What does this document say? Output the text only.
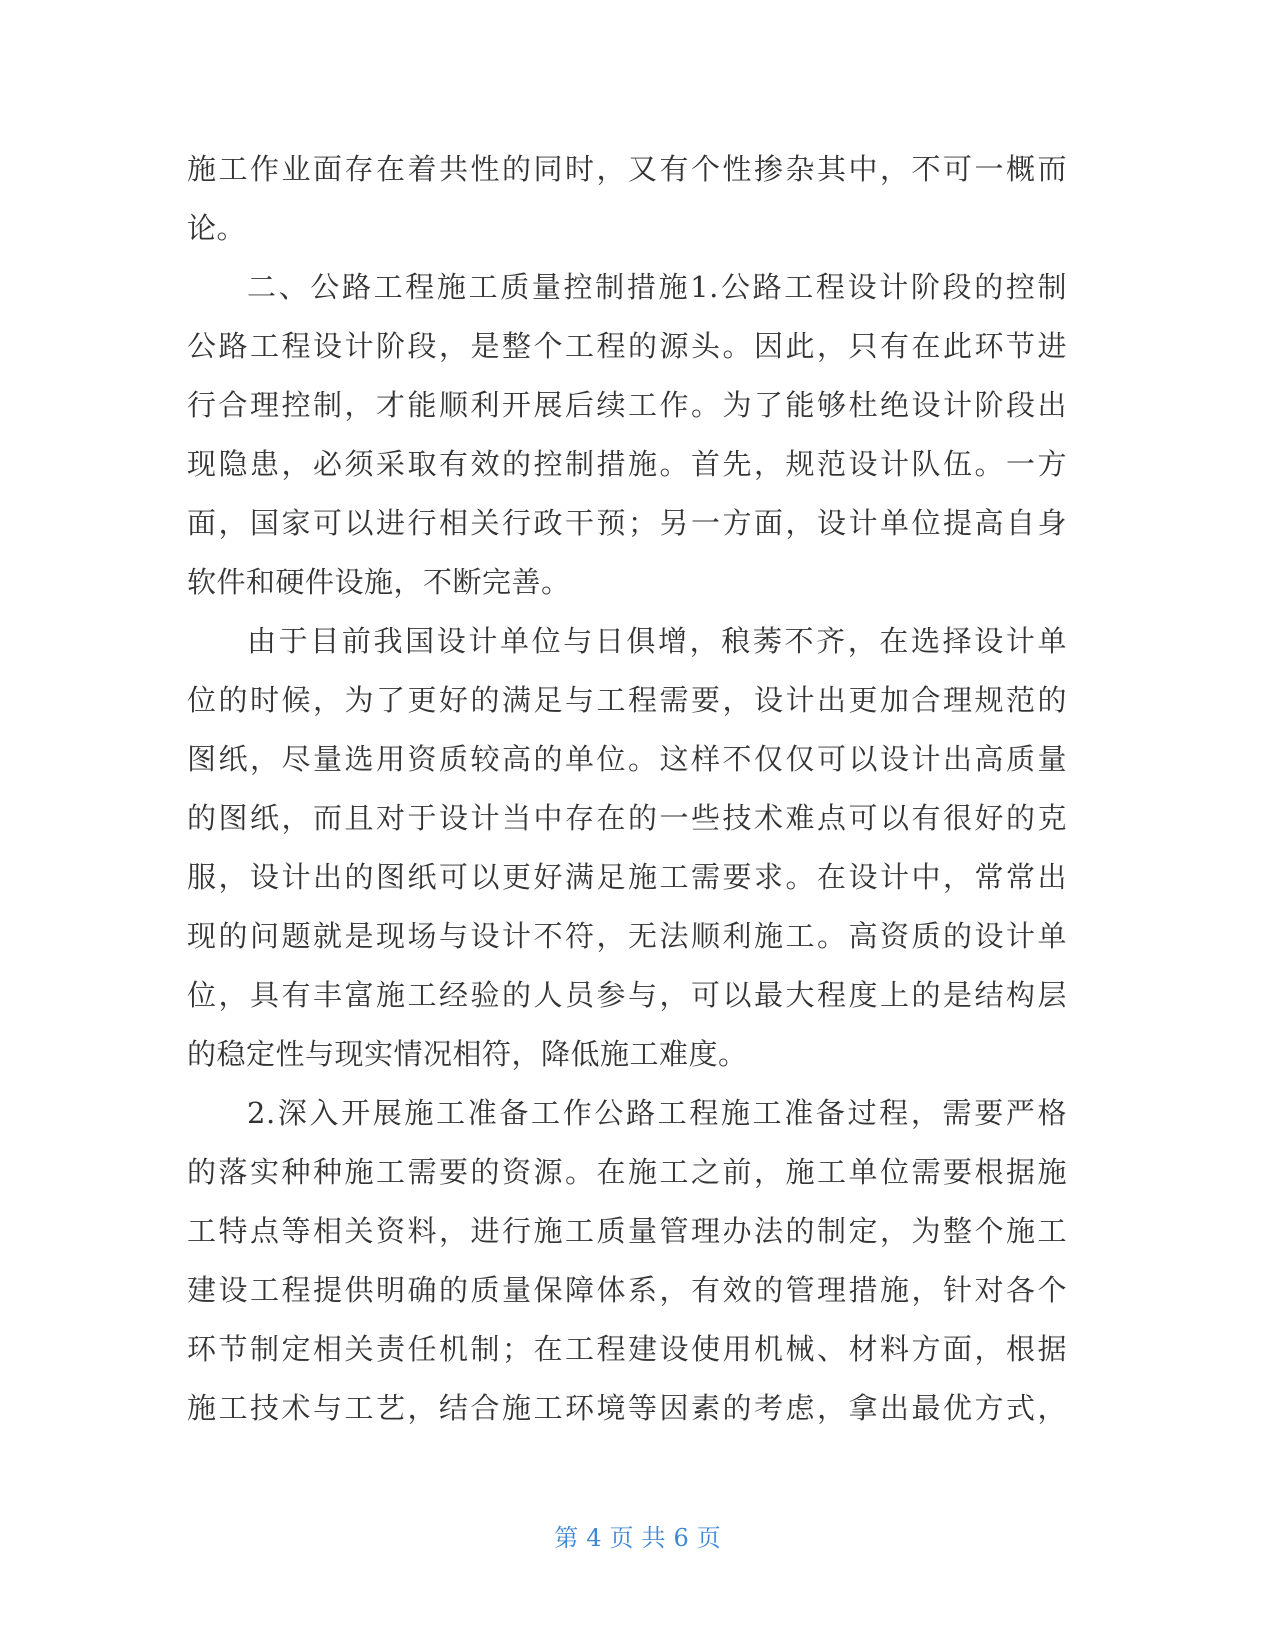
施工作业面存在着共性的同时，又有个性掺杂其中，不可一概而
论。
二、公路工程施工质量控制措施1.公路工程设计阶段的控制
公路工程设计阶段，是整个工程的源头。因此，只有在此环节进
行合理控制，才能顺利开展后续工作。为了能够杜绝设计阶段出
现隐患，必须采取有效的控制措施。首先，规范设计队伍。一方
面，国家可以进行相关行政干预；另一方面，设计单位提高自身
软件和硬件设施，不断完善。
由于目前我国设计单位与日俱增，稂莠不齐，在选择设计单
位的时候，为了更好的满足与工程需要，设计出更加合理规范的
图纸，尽量选用资质较高的单位。这样不仅仅可以设计出高质量
的图纸，而且对于设计当中存在的一些技术难点可以有很好的克
服，设计出的图纸可以更好满足施工需要求。在设计中，常常出
现的问题就是现场与设计不符，无法顺利施工。高资质的设计单
位，具有丰富施工经验的人员参与，可以最大程度上的是结构层
的稳定性与现实情况相符，降低施工难度。
2.深入开展施工准备工作公路工程施工准备过程，需要严格
的落实种种施工需要的资源。在施工之前，施工单位需要根据施
工特点等相关资料，进行施工质量管理办法的制定，为整个施工
建设工程提供明确的质量保障体系，有效的管理措施，针对各个
环节制定相关责任机制；在工程建设使用机械、材料方面，根据
施工技术与工艺，结合施工环境等因素的考虑，拿出最优方式，
第 4 页 共 6 页
